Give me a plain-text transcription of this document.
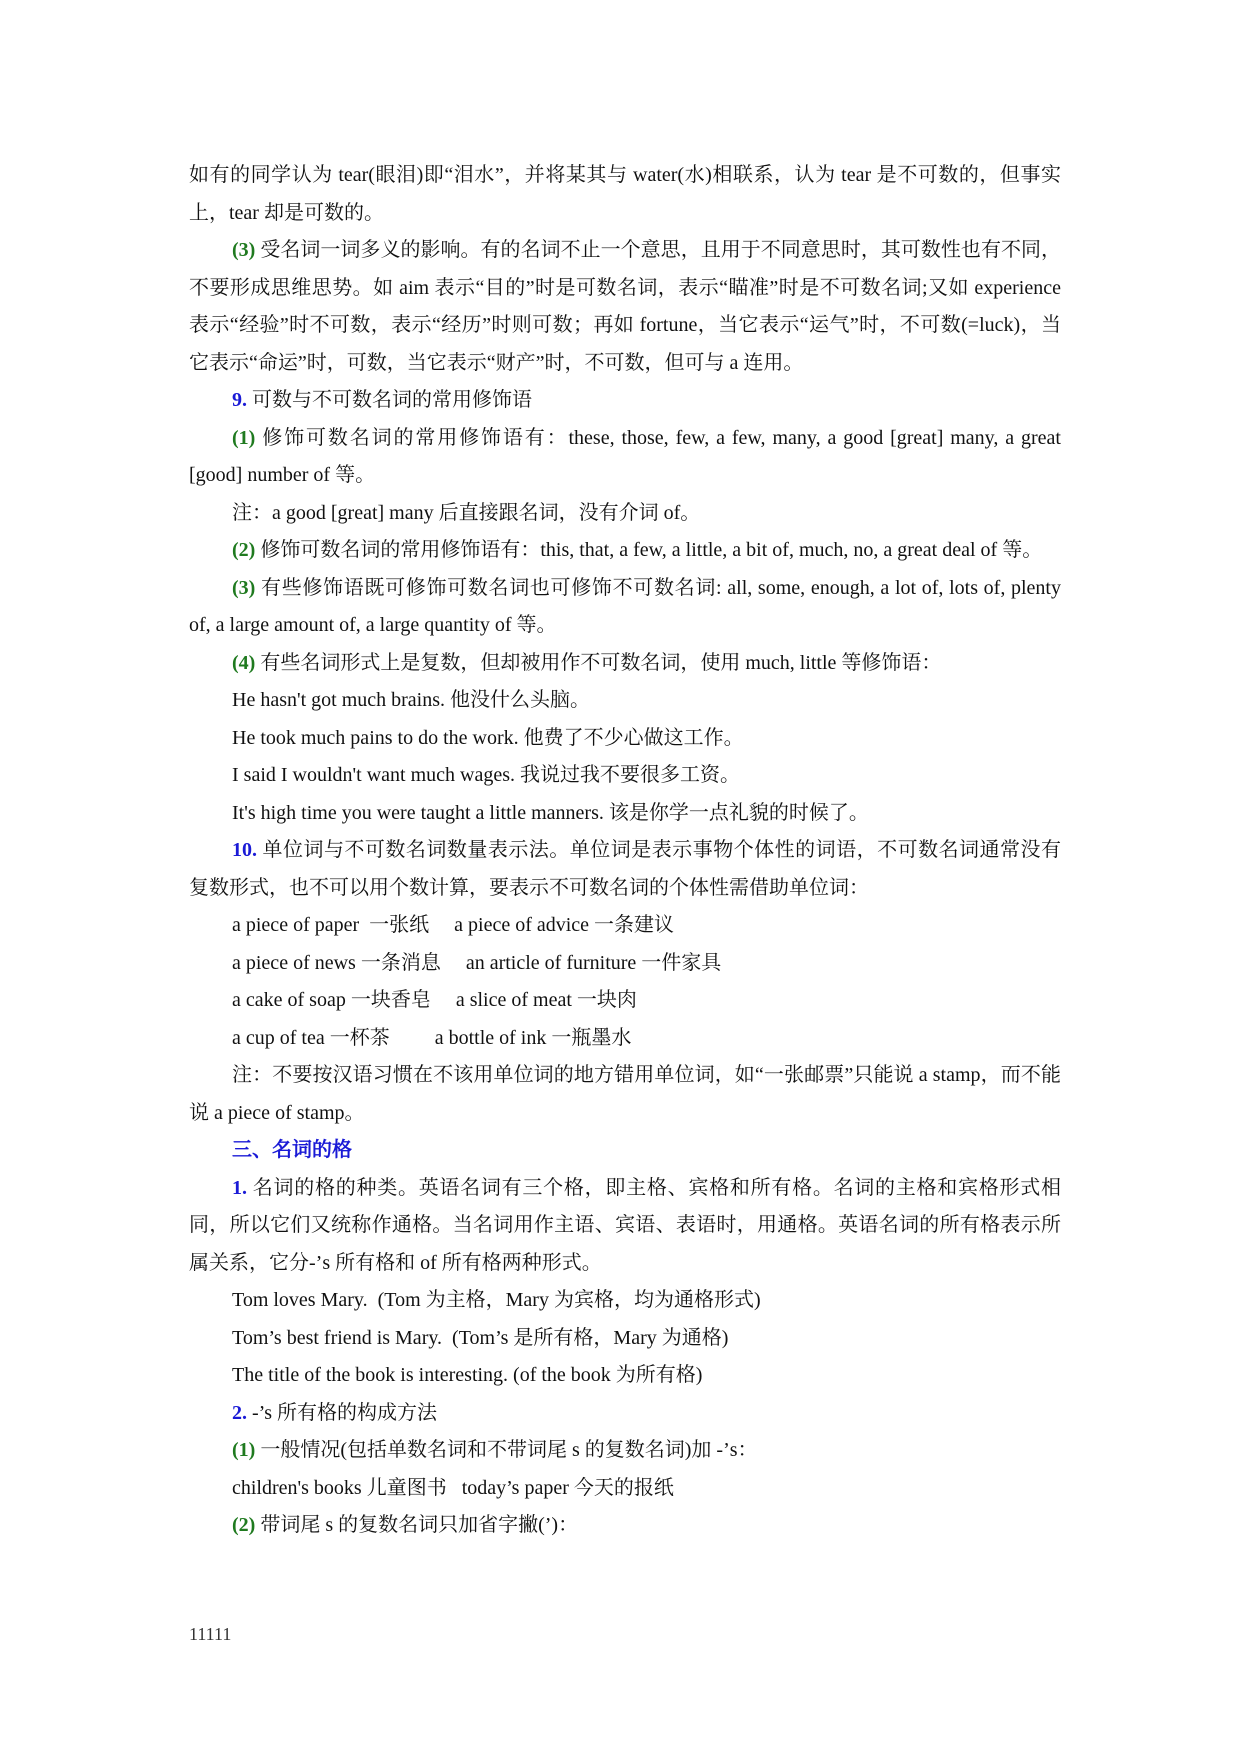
如有的同学认为 tear(眼泪)即“泪水”，并将某其与 water(水)相联系，认为 tear 是不可数的，但事实上，tear 却是可数的。

(3) 受名词一词多义的影响。有的名词不止一个意思，且用于不同意思时，其可数性也有不同，不要形成思维思势。如 aim 表示“目的”时是可数名词，表示“瞄准”时是不可数名词;又如 experience 表示“经验”时不可数，表示“经历”时则可数；再如 fortune，当它表示“运气”时，不可数(=luck)，当它表示“命运”时，可数，当它表示“财产”时，不可数，但可与 a 连用。

9. 可数与不可数名词的常用修饰语

(1) 修饰可数名词的常用修饰语有：these, those, few, a few, many, a good [great] many, a great [good] number of 等。

注：a good [great] many 后直接跟名词，没有介词 of。

(2) 修饰可数名词的常用修饰语有：this, that, a few, a little, a bit of, much, no, a great deal of 等。

(3) 有些修饰语既可修饰可数名词也可修饰不可数名词: all, some, enough, a lot of, lots of, plenty of, a large amount of, a large quantity of 等。

(4) 有些名词形式上是复数，但却被用作不可数名词，使用 much, little 等修饰语：

He hasn't got much brains. 他没什么头脑。

He took much pains to do the work. 他费了不少心做这工作。

I said I wouldn't want much wages. 我说过我不要很多工资。

It's high time you were taught a little manners. 该是你学一点礼貌的时候了。

10. 单位词与不可数名词数量表示法。单位词是表示事物个体性的词语，不可数名词通常没有复数形式，也不可以用个数计算，要表示不可数名词的个体性需借助单位词：

a piece of paper  一张纸     a piece of advice 一条建议

a piece of news 一条消息     an article of furniture 一件家具

a cake of soap 一块香皂     a slice of meat 一块肉

a cup of tea 一杯茶         a bottle of ink 一瓶墨水

注：不要按汉语习惯在不该用单位词的地方错用单位词，如“一张邮票”只能说 a stamp，而不能说 a piece of stamp。

三、名词的格

1. 名词的格的种类。英语名词有三个格，即主格、宾格和所有格。名词的主格和宾格形式相同，所以它们又统称作通格。当名词用作主语、宾语、表语时，用通格。英语名词的所有格表示所属关系，它分-’s 所有格和 of 所有格两种形式。

Tom loves Mary.  (Tom 为主格，Mary 为宾格，均为通格形式)

Tom’s best friend is Mary.  (Tom’s 是所有格，Mary 为通格)

The title of the book is interesting. (of the book 为所有格)

2. -’s 所有格的构成方法

(1) 一般情况(包括单数名词和不带词尾 s 的复数名词)加 -’s：

children's books 儿童图书   today’s paper 今天的报纸

(2) 带词尾 s 的复数名词只加省字撇(’)：

11111
